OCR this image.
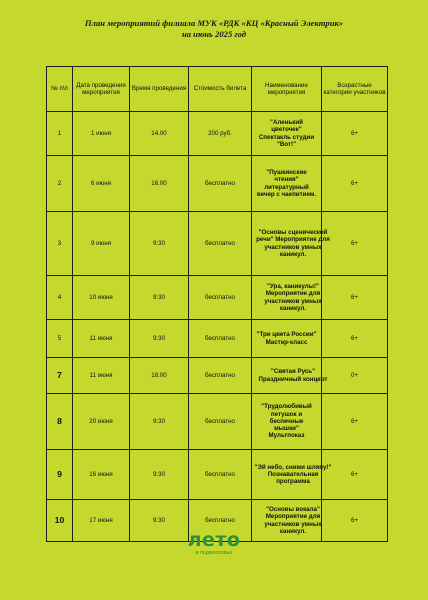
План мероприятий филиала МУК «РДК «КЦ «Красный Электрик»
на июнь 2025 год
№ п\п	Дата проведения мероприятия	Время проведения	Стоимость билета	Наименование мероприятия	Возрастные категории участников
1	1 июня	14.00	200 руб.	"Аленький цветочек" Спектакль студии "Вот!"	6+
2	6 июня	16.00	бесплатно	"Пушкинские чтения" литературный вечер с чаепитием.	6+
3	9 июня	9:30	бесплатно	"Основы сценической речи" Мероприятие для участников умных каникул.	6+
4	10 июня	9:30	бесплатно	"Ура, каникулы!" Мероприятие для участников умных каникул.	6+
5	11 июня	9:30	бесплатно	"Три цвета России" Мастер-класс	6+
7	11 июня	18.00	бесплатно	"Святая Русь" Праздничный концерт	0+
8	20 июня	9:30	бесплатно	"Трудолюбивый петушок и беспечные мышки" Мультпоказ	6+
9	16 июня	9:30	бесплатно	"Эй небо, сними шляпу!" Познавательная программа	6+
10	17 июня	9:30	бесплатно	"Основы вокала" Мероприятие для участников умных каникул.	6+
лето
в подмосковье
